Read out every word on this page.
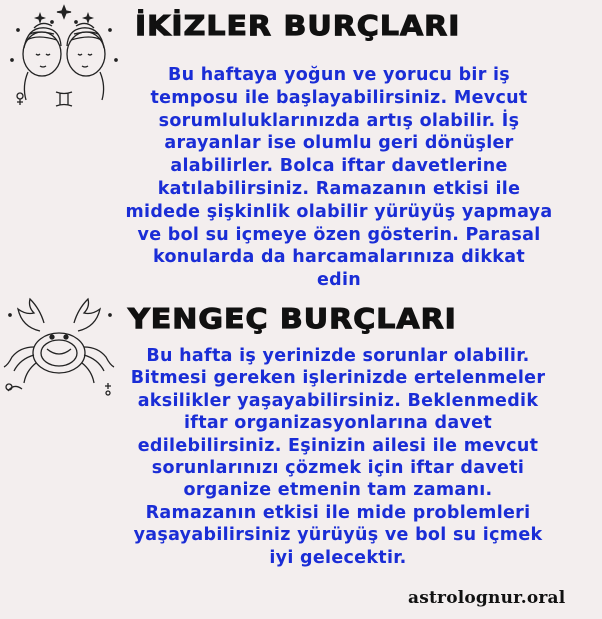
İKİZLER BURÇLARI
Bu haftaya yoğun ve yorucu bir iş
temposu ile başlayabilirsiniz. Mevcut
sorumluluklarınızda artış olabilir. İş
arayanlar ise olumlu geri dönüşler
alabilirler. Bolca iftar davetlerine
katılabilirsiniz. Ramazanın etkisi ile
midede şişkinlik olabilir yürüyüş yapmaya
ve bol su içmeye özen gösterin. Parasal
konularda da harcamalarınıza dikkat
edin
YENGEÇ BURÇLARI
Bu hafta iş yerinizde sorunlar olabilir.
Bitmesi gereken işlerinizde ertelenmeler
aksilikler yaşayabilirsiniz. Beklenmedik
iftar organizasyonlarına davet
edilebilirsiniz. Eşinizin ailesi ile mevcut
sorunlarınızı çözmek için iftar daveti
organize etmenin tam zamanı.
Ramazanın etkisi ile mide problemleri
yaşayabilirsiniz yürüyüş ve bol su içmek
iyi gelecektir.
astrolognur.oral
